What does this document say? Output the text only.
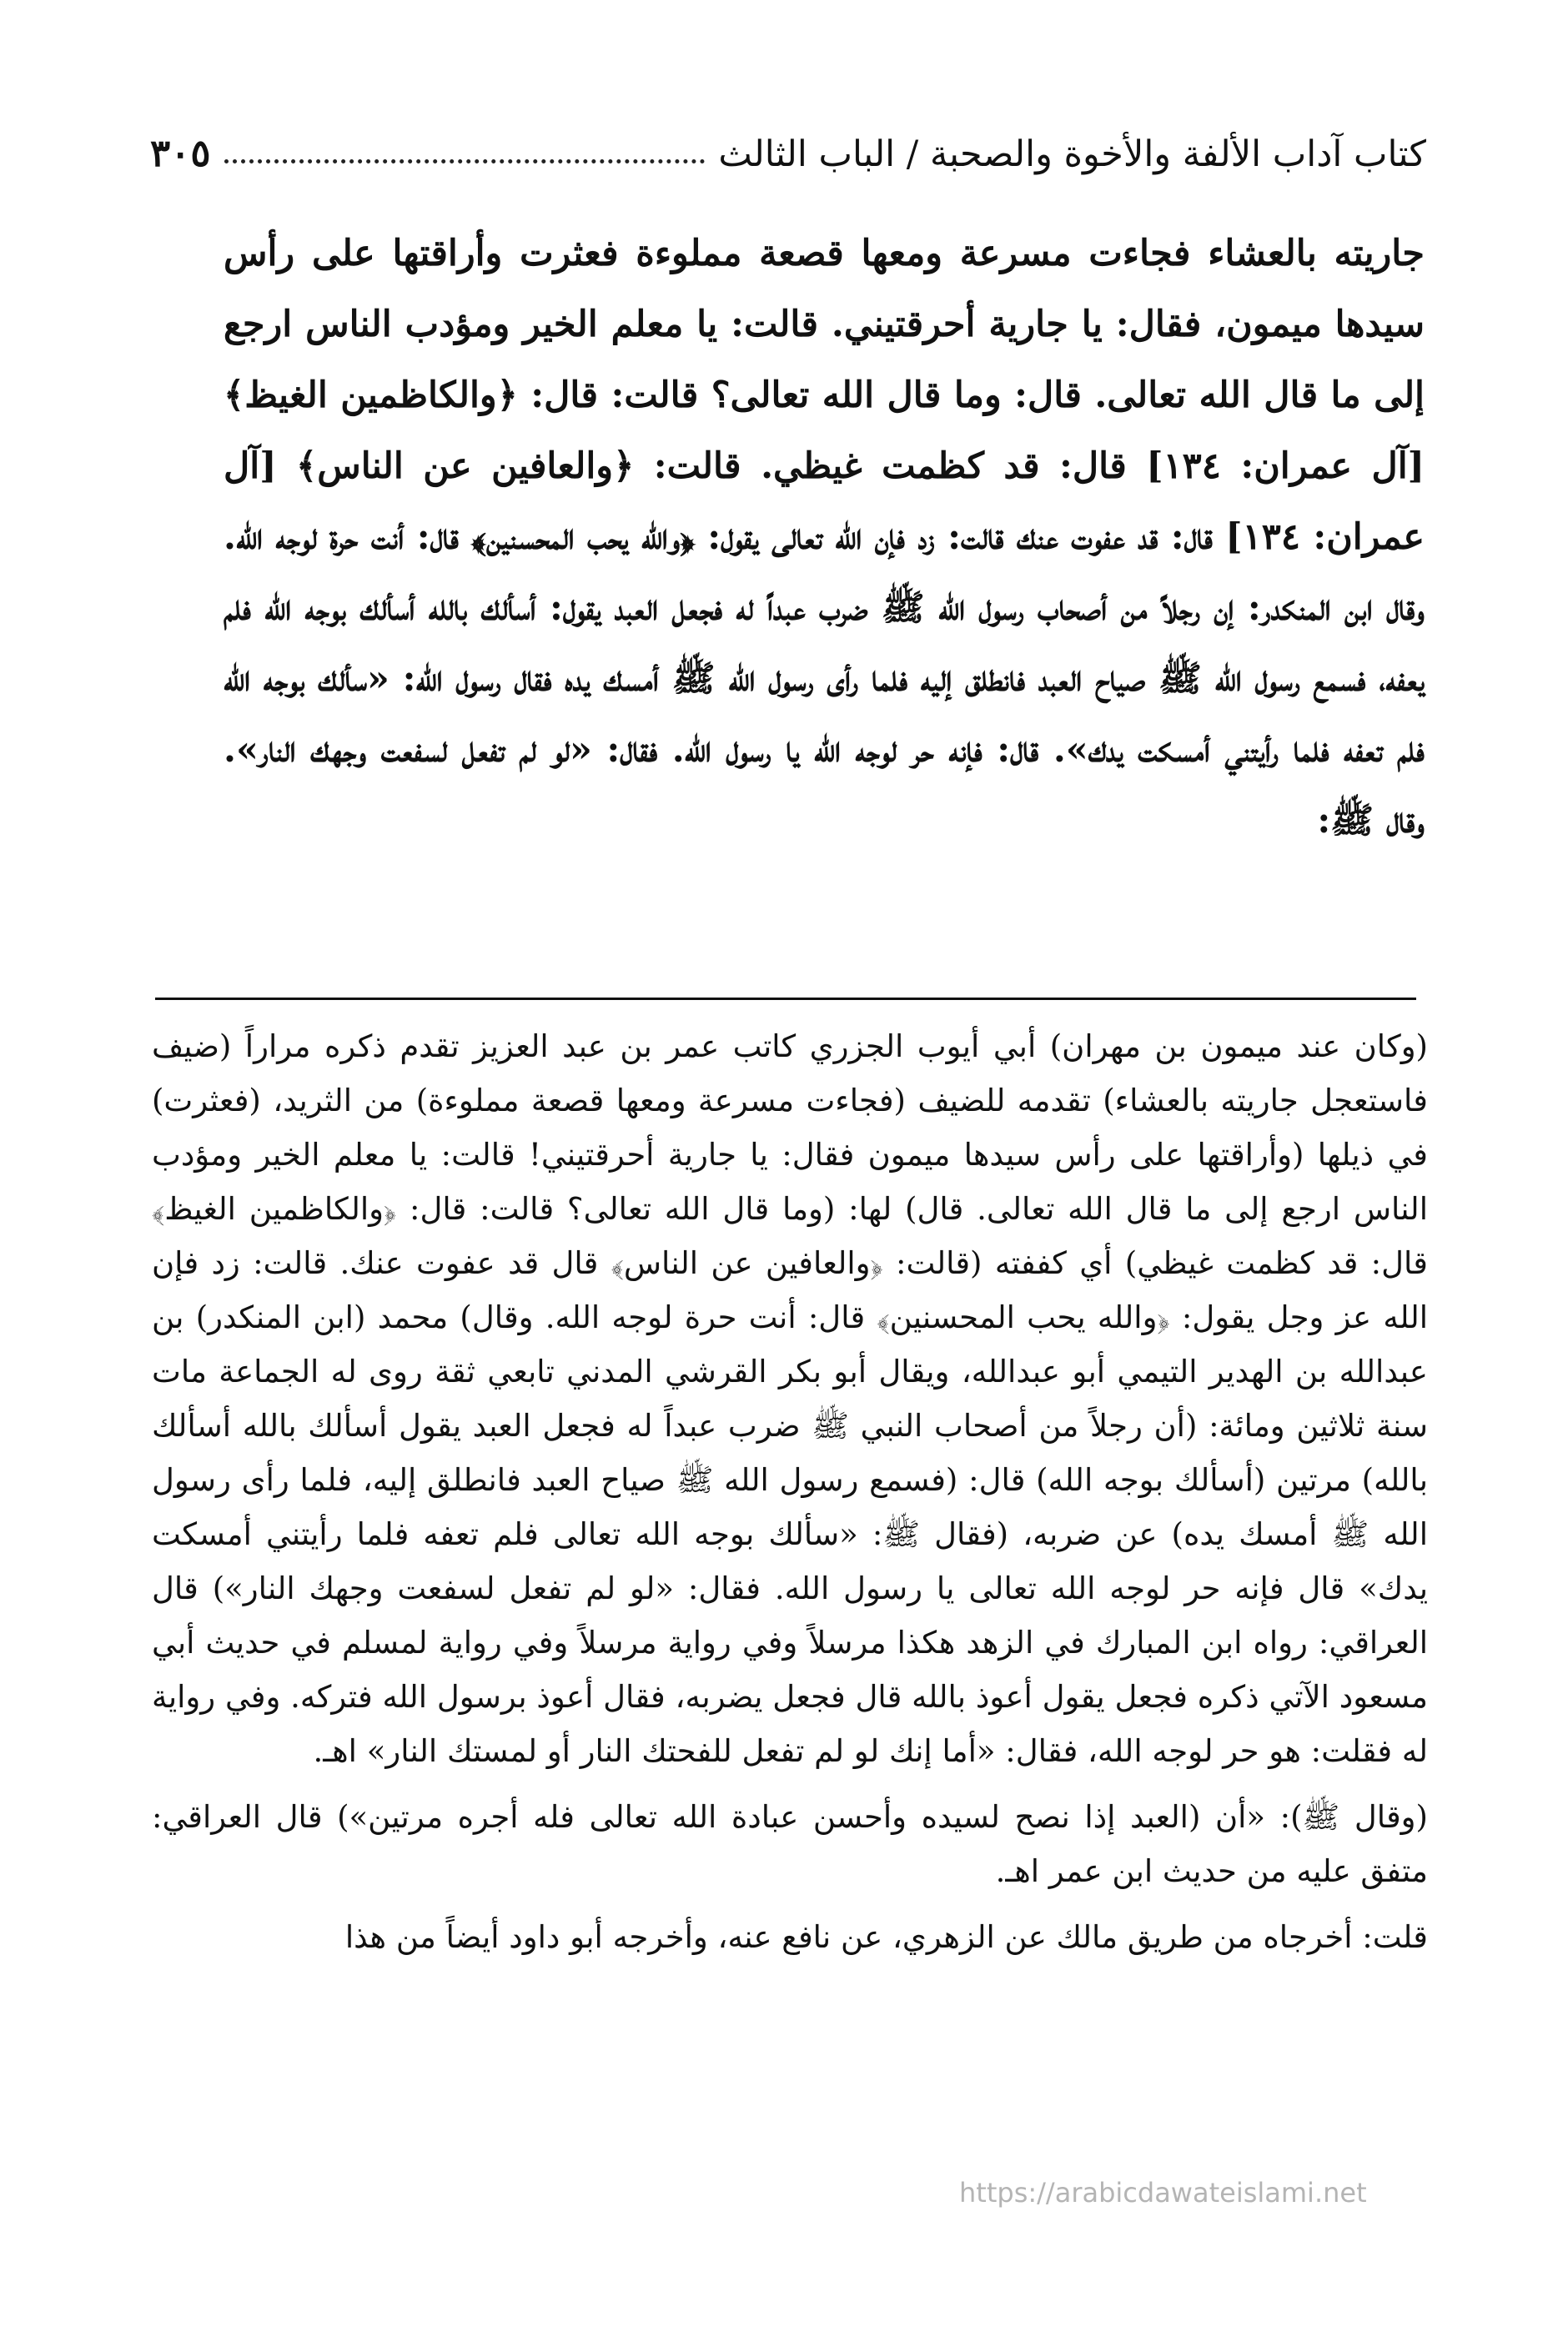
كتاب آداب الألفة والأخوة والصحبة / الباب الثالث
٣٠٥
جاريته بالعشاء فجاءت مسرعة ومعها قصعة مملوءة فعثرت وأراقتها على رأس سيدها ميمون، فقال: يا جارية أحرقتيني. قالت: يا معلم الخير ومؤدب الناس ارجع إلى ما قال الله تعالى. قال: وما قال الله تعالى؟ قالت: قال: ﴿والكاظمين الغيظ﴾ [آل عمران: ١٣٤] قال: قد كظمت غيظي. قالت: ﴿والعافين عن الناس﴾ [آل عمران: ١٣٤] قال: قد عفوت عنك قالت: زد فإن الله تعالى يقول: ﴿والله يحب المحسنين﴾ قال: أنت حرة لوجه الله. وقال ابن المنكدر: إن رجلاً من أصحاب رسول الله ﷺ ضرب عبداً له فجعل العبد يقول: أسألك بالله أسألك بوجه الله فلم يعفه، فسمع رسول الله ﷺ صياح العبد فانطلق إليه فلما رأى رسول الله ﷺ أمسك يده فقال رسول الله: «سألك بوجه الله فلم تعفه فلما رأيتني أمسكت يدك». قال: فإنه حر لوجه الله يا رسول الله. فقال: «لو لم تفعل لسفعت وجهك النار». وقال ﷺ:

(وكان عند ميمون بن مهران) أبي أيوب الجزري كاتب عمر بن عبد العزيز تقدم ذكره مراراً (ضيف فاستعجل جاريته بالعشاء) تقدمه للضيف (فجاءت مسرعة ومعها قصعة مملوءة) من الثريد، (فعثرت) في ذيلها (وأراقتها على رأس سيدها ميمون فقال: يا جارية أحرقتيني! قالت: يا معلم الخير ومؤدب الناس ارجع إلى ما قال الله تعالى. قال) لها: (وما قال الله تعالى؟ قالت: قال: ﴿والكاظمين الغيظ﴾ قال: قد كظمت غيظي) أي كففته (قالت: ﴿والعافين عن الناس﴾ قال قد عفوت عنك. قالت: زد فإن الله عز وجل يقول: ﴿والله يحب المحسنين﴾ قال: أنت حرة لوجه الله. وقال) محمد (ابن المنكدر) بن عبدالله بن الهدير التيمي أبو عبدالله، ويقال أبو بكر القرشي المدني تابعي ثقة روى له الجماعة مات سنة ثلاثين ومائة: (أن رجلاً من أصحاب النبي ﷺ ضرب عبداً له فجعل العبد يقول أسألك بالله أسألك بالله) مرتين (أسألك بوجه الله) قال: (فسمع رسول الله ﷺ صياح العبد فانطلق إليه، فلما رأى رسول الله ﷺ أمسك يده) عن ضربه، (فقال ﷺ: «سألك بوجه الله تعالى فلم تعفه فلما رأيتني أمسكت يدك» قال فإنه حر لوجه الله تعالى يا رسول الله. فقال: «لو لم تفعل لسفعت وجهك النار») قال العراقي: رواه ابن المبارك في الزهد هكذا مرسلاً وفي رواية مرسلاً وفي رواية لمسلم في حديث أبي مسعود الآتي ذكره فجعل يقول أعوذ بالله قال فجعل يضربه، فقال أعوذ برسول الله فتركه. وفي رواية له فقلت: هو حر لوجه الله، فقال: «أما إنك لو لم تفعل للفحتك النار أو لمستك النار» اهـ.

(وقال ﷺ): «أن (العبد إذا نصح لسيده وأحسن عبادة الله تعالى فله أجره مرتين») قال العراقي: متفق عليه من حديث ابن عمر اهـ.

قلت: أخرجاه من طريق مالك عن الزهري، عن نافع عنه، وأخرجه أبو داود أيضاً من هذا

https://arabicdawateislami.net
